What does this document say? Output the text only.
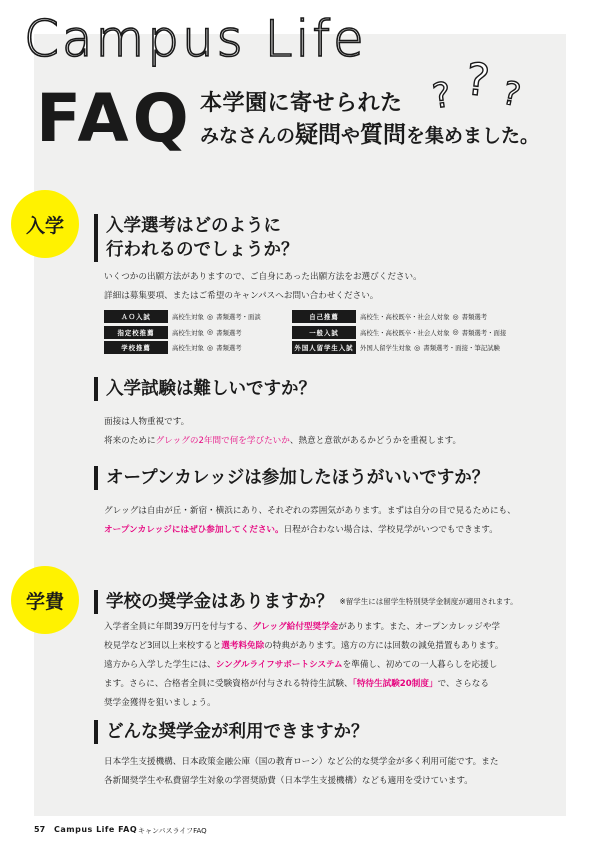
Campus Life
FAQ 本学園に寄せられた
みなさんの疑問や質問を集めました。
? ? ?
入学
学費
入学選考はどのように
行われるのでしょうか？
いくつかの出願方法がありますので、ご自身にあった出願方法をお選びください。
詳細は募集要項、またはご希望のキャンパスへお問い合わせください。
ＡＯ入試	高校生対象 ◎ 書類選考・面談	自己推薦	高校生・高校既卒・社会人対象 ◎ 書類選考
指定校推薦	高校生対象 ◎ 書類選考	一般入試	高校生・高校既卒・社会人対象 ◎ 書類選考・面接
学校推薦	高校生対象 ◎ 書類選考	外国人留学生入試	外国人留学生対象 ◎ 書類選考・面接・筆記試験
入学試験は難しいですか？
面接は人物重視です。
将来のためにグレッグの2年間で何を学びたいか、熱意と意欲があるかどうかを重視します。
オープンカレッジは参加したほうがいいですか？
グレッグは自由が丘・新宿・横浜にあり、それぞれの雰囲気があります。まずは自分の目で見るためにも、
オープンカレッジにはぜひ参加してください。日程が合わない場合は、学校見学がいつでもできます。
学校の奨学金はありますか？ ※留学生には留学生特別奨学金制度が適用されます。
入学者全員に年間39万円を付与する、グレッグ給付型奨学金があります。また、オープンカレッジや学
校見学など3回以上来校すると選考料免除の特典があります。遠方の方には回数の減免措置もあります。
遠方から入学した学生には、シングルライフサポートシステムを準備し、初めての一人暮らしを応援し
ます。さらに、合格者全員に受験資格が付与される特待生試験、「特待生試験20制度」で、さらなる
奨学金獲得を狙いましょう。
どんな奨学金が利用できますか？
日本学生支援機構、日本政策金融公庫（国の教育ローン）など公的な奨学金が多く利用可能です。また
各新聞奨学生や私費留学生対象の学習奨励費（日本学生支援機構）なども適用を受けています。
57 Campus Life FAQ キャンパスライフFAQ
